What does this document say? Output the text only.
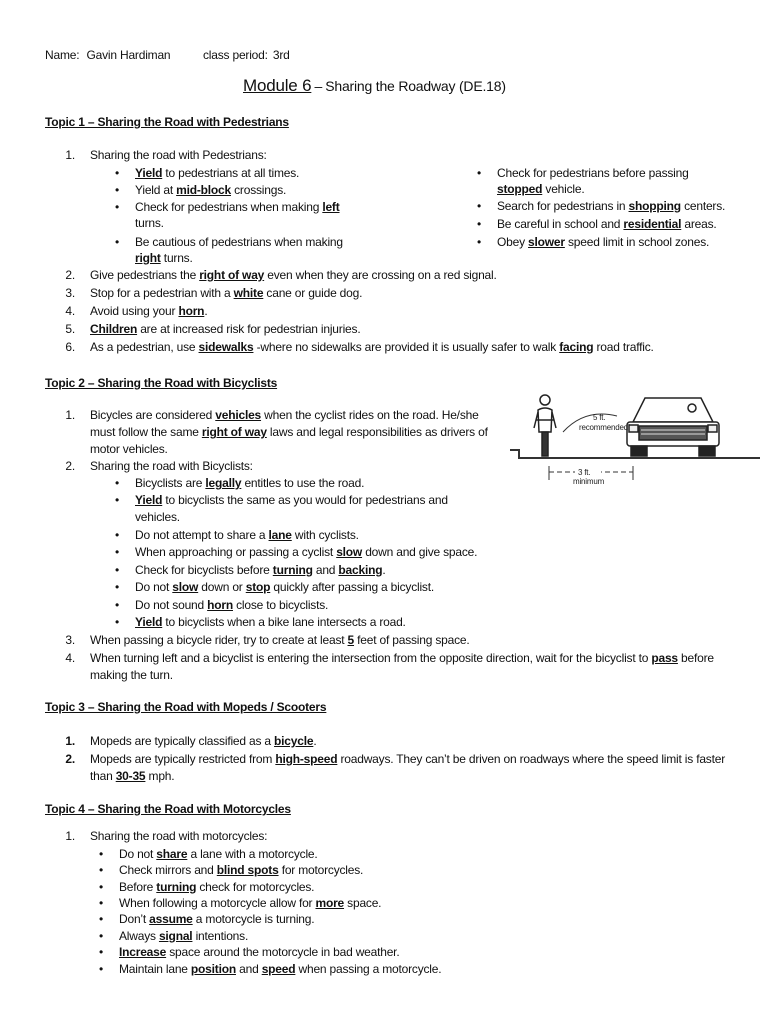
Name: Gavin Hardiman	class period: 3rd
Module 6 – Sharing the Roadway (DE.18)
Topic 1 – Sharing the Road with Pedestrians
1. Sharing the road with Pedestrians:
• Yield to pedestrians at all times.
• Yield at mid-block crossings.
• Check for pedestrians when making left
turns.
• Be cautious of pedestrians when making
right turns.
• Check for pedestrians before passing
stopped vehicle.
• Search for pedestrians in shopping centers.
• Be careful in school and residential areas.
• Obey slower speed limit in school zones.
2. Give pedestrians the right of way even when they are crossing on a red signal.
3. Stop for a pedestrian with a white cane or guide dog.
4. Avoid using your horn.
5. Children are at increased risk for pedestrian injuries.
6. As a pedestrian, use sidewalks -where no sidewalks are provided it is usually safer to walk facing road traffic.
Topic 2 – Sharing the Road with Bicyclists
1. Bicycles are considered vehicles when the cyclist rides on the road. He/she
must follow the same right of way laws and legal responsibilities as drivers of
motor vehicles.
2. Sharing the road with Bicyclists:
• Bicyclists are legally entitles to use the road.
• Yield to bicyclists the same as you would for pedestrians and
vehicles.
• Do not attempt to share a lane with cyclists.
• When approaching or passing a cyclist slow down and give space.
• Check for bicyclists before turning and backing.
• Do not slow down or stop quickly after passing a bicyclist.
• Do not sound horn close to bicyclists.
• Yield to bicyclists when a bike lane intersects a road.
3. When passing a bicycle rider, try to create at least 5 feet of passing space.
4. When turning left and a bicyclist is entering the intersection from the opposite direction, wait for the bicyclist to pass before
making the turn.
5 ft.
recommended!
3 ft.
minimum
Topic 3 – Sharing the Road with Mopeds / Scooters
1. Mopeds are typically classified as a bicycle.
2. Mopeds are typically restricted from high-speed roadways. They can’t be driven on roadways where the speed limit is faster
than 30-35 mph.
Topic 4 – Sharing the Road with Motorcycles
1. Sharing the road with motorcycles:
• Do not share a lane with a motorcycle.
• Check mirrors and blind spots for motorcycles.
• Before turning check for motorcycles.
• When following a motorcycle allow for more space.
• Don’t assume a motorcycle is turning.
• Always signal intentions.
• Increase space around the motorcycle in bad weather.
• Maintain lane position and speed when passing a motorcycle.
